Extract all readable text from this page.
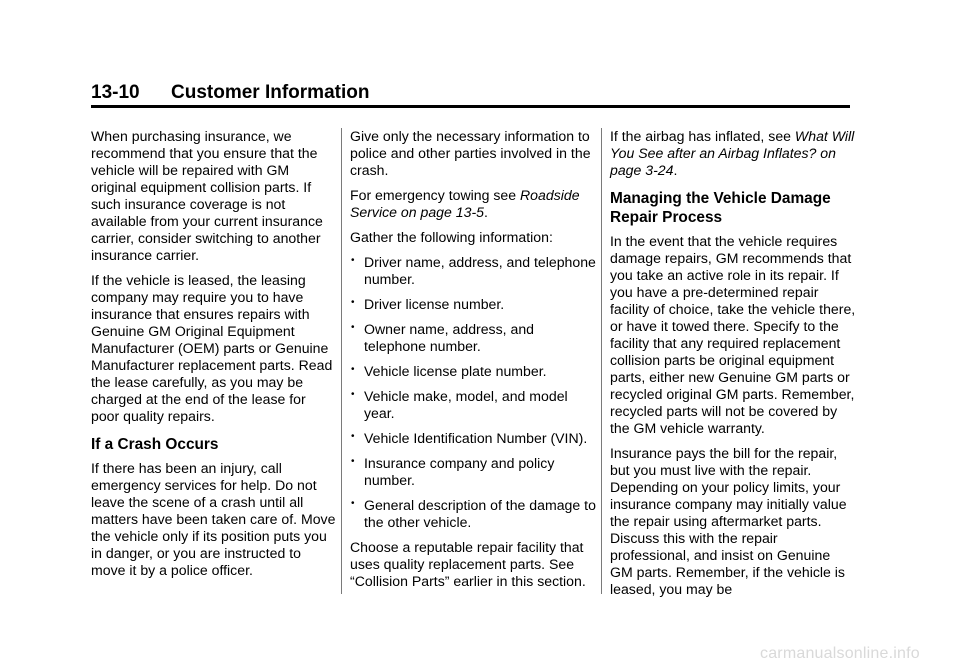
13-10 Customer Information

When purchasing insurance, we recommend that you ensure that the vehicle will be repaired with GM original equipment collision parts. If such insurance coverage is not available from your current insurance carrier, consider switching to another insurance carrier.

If the vehicle is leased, the leasing company may require you to have insurance that ensures repairs with Genuine GM Original Equipment Manufacturer (OEM) parts or Genuine Manufacturer replacement parts. Read the lease carefully, as you may be charged at the end of the lease for poor quality repairs.

If a Crash Occurs

If there has been an injury, call emergency services for help. Do not leave the scene of a crash until all matters have been taken care of. Move the vehicle only if its position puts you in danger, or you are instructed to move it by a police officer.

Give only the necessary information to police and other parties involved in the crash.

For emergency towing see Roadside Service on page 13-5.

Gather the following information:

• Driver name, address, and telephone number.
• Driver license number.
• Owner name, address, and telephone number.
• Vehicle license plate number.
• Vehicle make, model, and model year.
• Vehicle Identification Number (VIN).
• Insurance company and policy number.
• General description of the damage to the other vehicle.

Choose a reputable repair facility that uses quality replacement parts. See “Collision Parts” earlier in this section.

If the airbag has inflated, see What Will You See after an Airbag Inflates? on page 3-24.

Managing the Vehicle Damage Repair Process

In the event that the vehicle requires damage repairs, GM recommends that you take an active role in its repair. If you have a pre-determined repair facility of choice, take the vehicle there, or have it towed there. Specify to the facility that any required replacement collision parts be original equipment parts, either new Genuine GM parts or recycled original GM parts. Remember, recycled parts will not be covered by the GM vehicle warranty.

Insurance pays the bill for the repair, but you must live with the repair. Depending on your policy limits, your insurance company may initially value the repair using aftermarket parts. Discuss this with the repair professional, and insist on Genuine GM parts. Remember, if the vehicle is leased, you may be

carmanualsonline.info
